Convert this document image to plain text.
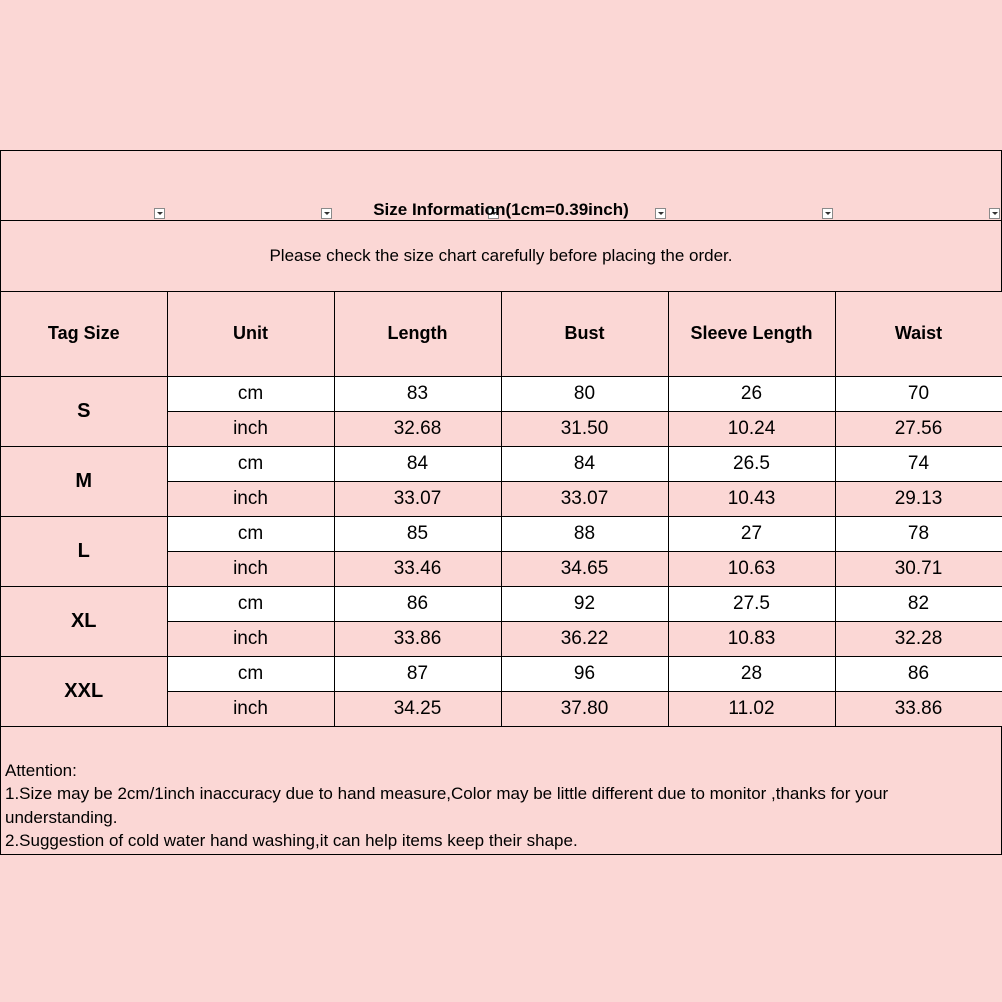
Size Information(1cm=0.39inch)
Please check the size chart carefully before placing the order.
Tag Size	Unit	Length	Bust	Sleeve Length	Waist
S	cm	83	80	26	70
	inch	32.68	31.50	10.24	27.56
M	cm	84	84	26.5	74
	inch	33.07	33.07	10.43	29.13
L	cm	85	88	27	78
	inch	33.46	34.65	10.63	30.71
XL	cm	86	92	27.5	82
	inch	33.86	36.22	10.83	32.28
XXL	cm	87	96	28	86
	inch	34.25	37.80	11.02	33.86
Attention:
1.Size may be 2cm/1inch inaccuracy due to hand measure,Color may be little different due to monitor ,thanks for your understanding.
2.Suggestion of cold water hand washing,it can help items keep their shape.
